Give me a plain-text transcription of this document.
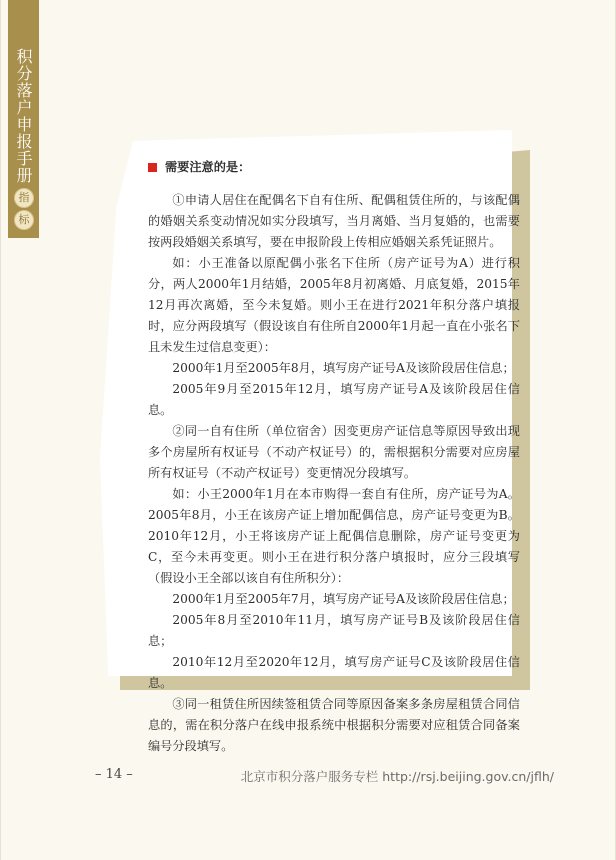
积分落户申报手册
指
标
需要注意的是：

①申请人居住在配偶名下自有住所、配偶租赁住所的，与该配偶的婚姻关系变动情况如实分段填写，当月离婚、当月复婚的，也需要按两段婚姻关系填写，要在申报阶段上传相应婚姻关系凭证照片。

如：小王准备以原配偶小张名下住所（房产证号为A）进行积分，两人2000年1月结婚，2005年8月初离婚、月底复婚，2015年12月再次离婚，至今未复婚。则小王在进行2021年积分落户填报时，应分两段填写（假设该自有住所自2000年1月起一直在小张名下且未发生过信息变更）：

2000年1月至2005年8月，填写房产证号A及该阶段居住信息；

2005年9月至2015年12月，填写房产证号A及该阶段居住信息。

②同一自有住所（单位宿舍）因变更房产证信息等原因导致出现多个房屋所有权证号（不动产权证号）的，需根据积分需要对应房屋所有权证号（不动产权证号）变更情况分段填写。

如：小王2000年1月在本市购得一套自有住所，房产证号为A。2005年8月，小王在该房产证上增加配偶信息，房产证号变更为B。2010年12月，小王将该房产证上配偶信息删除，房产证号变更为C，至今未再变更。则小王在进行积分落户填报时，应分三段填写（假设小王全部以该自有住所积分）：

2000年1月至2005年7月，填写房产证号A及该阶段居住信息；

2005年8月至2010年11月，填写房产证号B及该阶段居住信息；

2010年12月至2020年12月，填写房产证号C及该阶段居住信息。

③同一租赁住所因续签租赁合同等原因备案多条房屋租赁合同信息的，需在积分落户在线申报系统中根据积分需要对应租赁合同备案编号分段填写。

– 14 –	北京市积分落户服务专栏 http://rsj.beijing.gov.cn/jflh/
